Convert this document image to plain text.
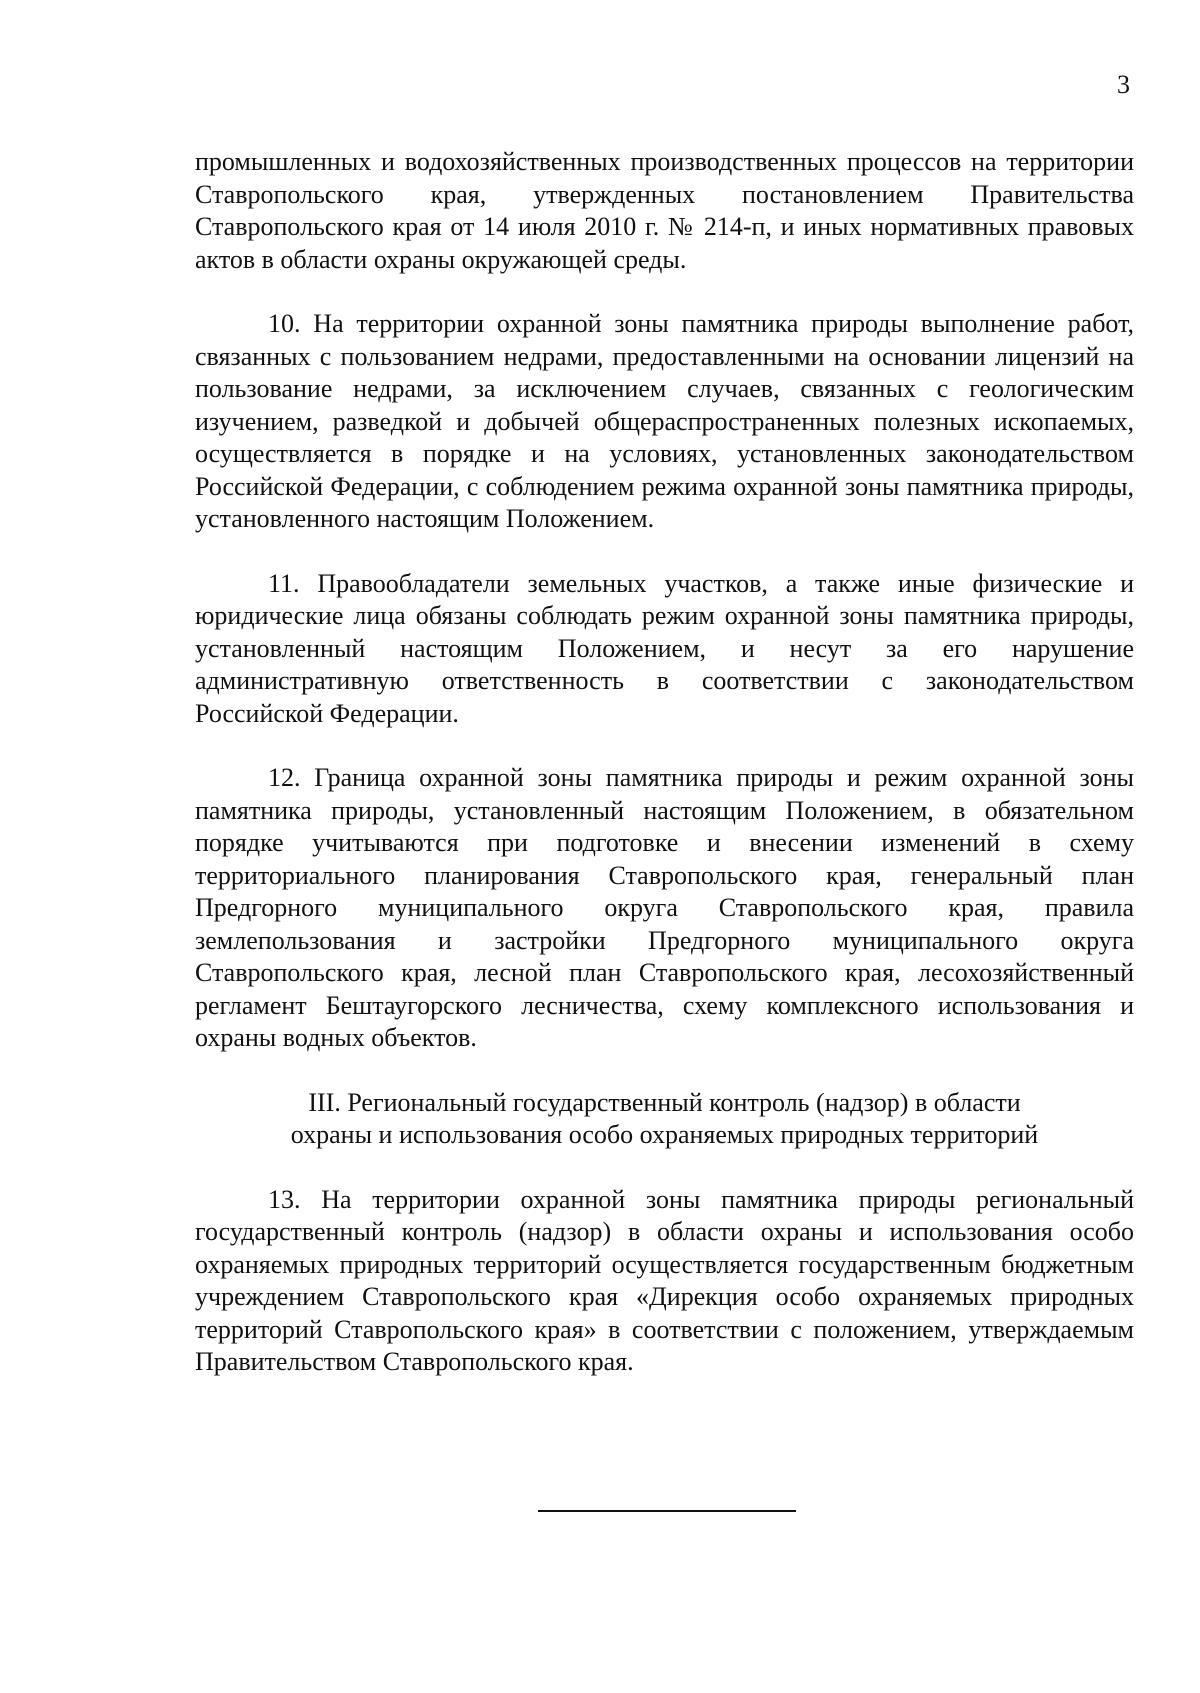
3

промышленных и водохозяйственных производственных процессов на территории Ставропольского края, утвержденных постановлением Правительства Ставропольского края от 14 июля 2010 г. № 214-п, и иных нормативных правовых актов в области охраны окружающей среды.

10. На территории охранной зоны памятника природы выполнение работ, связанных с пользованием недрами, предоставленными на основании лицензий на пользование недрами, за исключением случаев, связанных с геологическим изучением, разведкой и добычей общераспространенных полезных ископаемых, осуществляется в порядке и на условиях, установленных законодательством Российской Федерации, с соблюдением режима охранной зоны памятника природы, установленного настоящим Положением.

11. Правообладатели земельных участков, а также иные физические и юридические лица обязаны соблюдать режим охранной зоны памятника природы, установленный настоящим Положением, и несут за его нарушение административную ответственность в соответствии с законодательством Российской Федерации.

12. Граница охранной зоны памятника природы и режим охранной зоны памятника природы, установленный настоящим Положением, в обязательном порядке учитываются при подготовке и внесении изменений в схему территориального планирования Ставропольского края, генеральный план Предгорного муниципального округа Ставропольского края, правила землепользования и застройки Предгорного муниципального округа Ставропольского края, лесной план Ставропольского края, лесохозяйственный регламент Бештаугорского лесничества, схему комплексного использования и охраны водных объектов.

III. Региональный государственный контроль (надзор) в области

охраны и использования особо охраняемых природных территорий

13. На территории охранной зоны памятника природы региональный государственный контроль (надзор) в области охраны и использования особо охраняемых природных территорий осуществляется государственным бюджетным учреждением Ставропольского края «Дирекция особо охраняемых природных территорий Ставропольского края» в соответствии с положением, утверждаемым Правительством Ставропольского края.
